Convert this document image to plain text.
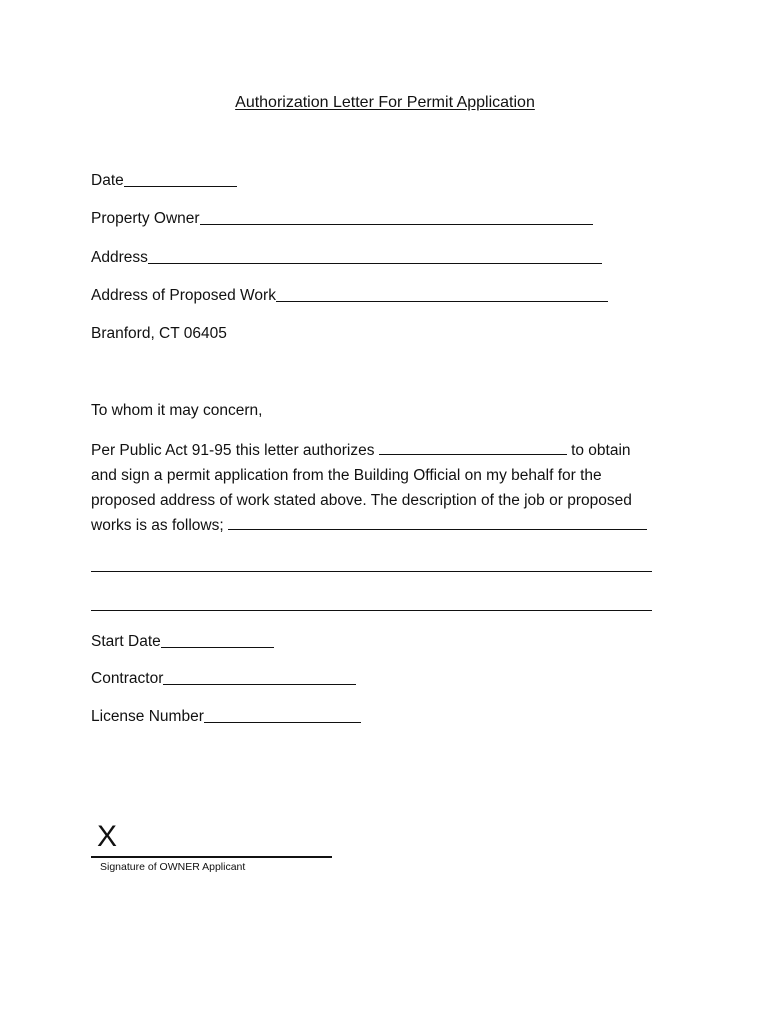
Authorization Letter For Permit Application
Date
Property Owner
Address
Address of Proposed Work
Branford, CT 06405
To whom it may concern,
Per Public Act 91-95 this letter authorizes	to obtain
and sign a permit application from the Building Official on my behalf for the
proposed address of work stated above. The description of the job or proposed
works is as follows;
Start Date
Contractor
License Number
X
Signature of OWNER Applicant
